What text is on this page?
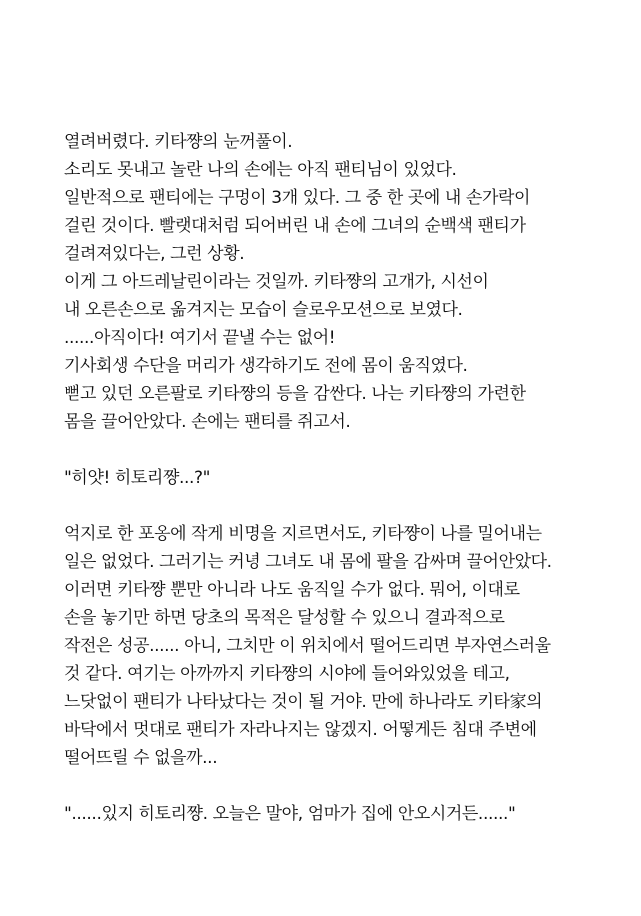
열려버렸다. 키타쨩의 눈꺼풀이.
소리도 못내고 놀란 나의 손에는 아직 팬티님이 있었다.
일반적으로 팬티에는 구멍이 3개 있다. 그 중 한 곳에 내 손가락이
걸린 것이다. 빨랫대처럼 되어버린 내 손에 그녀의 순백색 팬티가
걸려져있다는, 그런 상황.
이게 그 아드레날린이라는 것일까. 키타쨩의 고개가, 시선이
내 오른손으로 옮겨지는 모습이 슬로우모션으로 보였다.
......아직이다! 여기서 끝낼 수는 없어!
기사회생 수단을 머리가 생각하기도 전에 몸이 움직였다.
뻗고 있던 오른팔로 키타쨩의 등을 감싼다. 나는 키타쨩의 가련한
몸을 끌어안았다. 손에는 팬티를 쥐고서.
"히얏! 히토리쨩...?"
억지로 한 포옹에 작게 비명을 지르면서도, 키타쨩이 나를 밀어내는
일은 없었다. 그러기는 커녕 그녀도 내 몸에 팔을 감싸며 끌어안았다.
이러면 키타쨩 뿐만 아니라 나도 움직일 수가 없다. 뭐어, 이대로
손을 놓기만 하면 당초의 목적은 달성할 수 있으니 결과적으로
작전은 성공...... 아니, 그치만 이 위치에서 떨어드리면 부자연스러울
것 같다. 여기는 아까까지 키타쨩의 시야에 들어와있었을 테고,
느닷없이 팬티가 나타났다는 것이 될 거야. 만에 하나라도 키타家의
바닥에서 멋대로 팬티가 자라나지는 않겠지. 어떻게든 침대 주변에
떨어뜨릴 수 없을까...
"......있지 히토리쨩. 오늘은 말야, 엄마가 집에 안오시거든......"
